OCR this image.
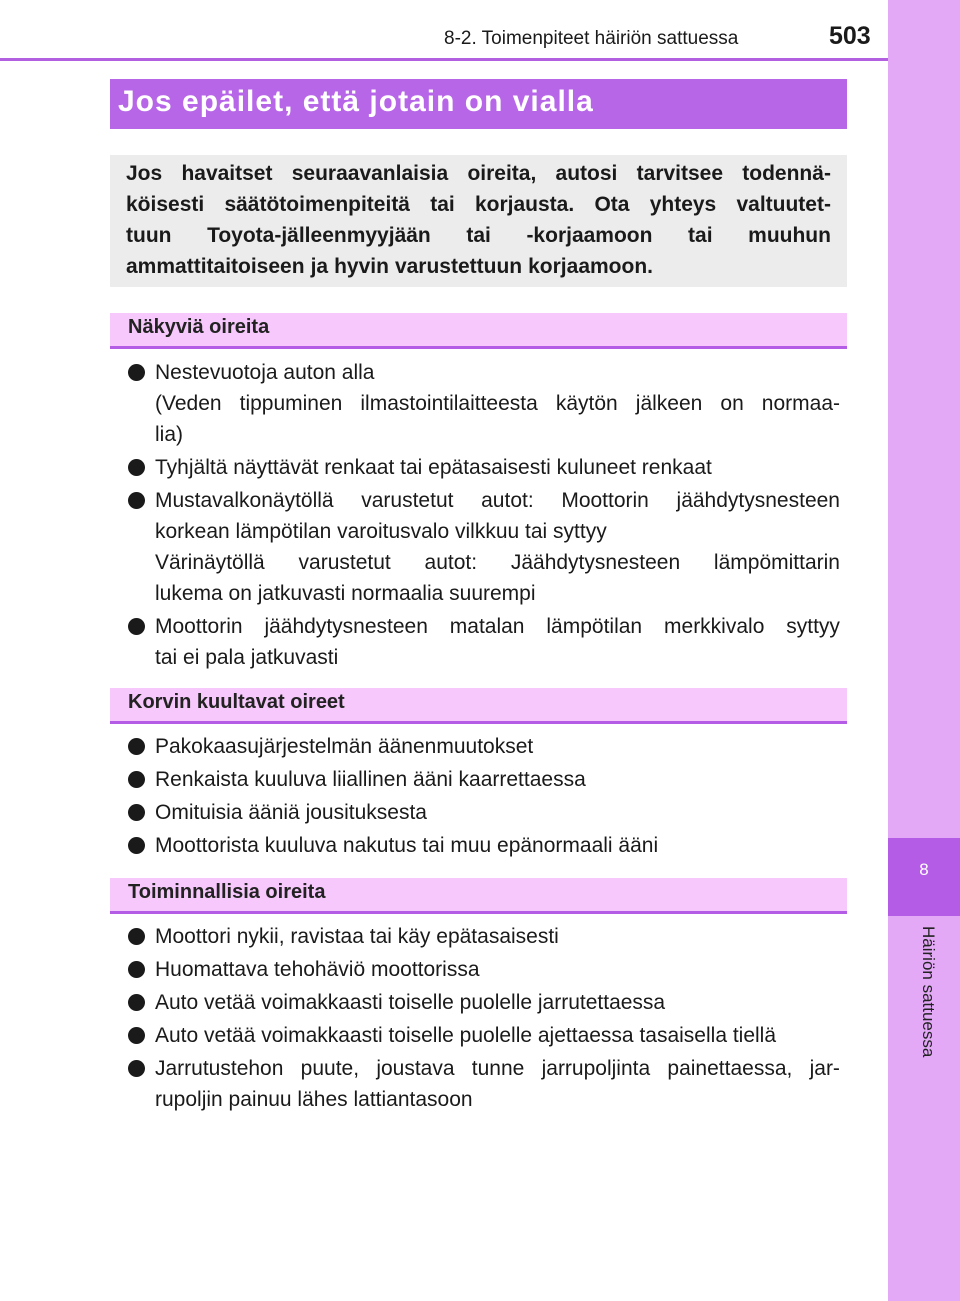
8-2. Toimenpiteet häiriön sattuessa	503
8
Häiriön sattuessa
Jos epäilet, että jotain on vialla
Jos havaitset seuraavanlaisia oireita, autosi tarvitsee todennä-
köisesti säätötoimenpiteitä tai korjausta. Ota yhteys valtuutet-
tuun Toyota-jälleenmyyjään tai -korjaamoon tai muuhun
ammattitaitoiseen ja hyvin varustettuun korjaamoon.
Näkyviä oireita
Nestevuotoja auton alla
(Veden tippuminen ilmastointilaitteesta käytön jälkeen on normaa-
lia)
Tyhjältä näyttävät renkaat tai epätasaisesti kuluneet renkaat
Mustavalkonäytöllä varustetut autot: Moottorin jäähdytysnesteen
korkean lämpötilan varoitusvalo vilkkuu tai syttyy
Värinäytöllä varustetut autot: Jäähdytysnesteen lämpömittarin
lukema on jatkuvasti normaalia suurempi
Moottorin jäähdytysnesteen matalan lämpötilan merkkivalo syttyy
tai ei pala jatkuvasti
Korvin kuultavat oireet
Pakokaasujärjestelmän äänenmuutokset
Renkaista kuuluva liiallinen ääni kaarrettaessa
Omituisia ääniä jousituksesta
Moottorista kuuluva nakutus tai muu epänormaali ääni
Toiminnallisia oireita
Moottori nykii, ravistaa tai käy epätasaisesti
Huomattava tehohäviö moottorissa
Auto vetää voimakkaasti toiselle puolelle jarrutettaessa
Auto vetää voimakkaasti toiselle puolelle ajettaessa tasaisella tiellä
Jarrutustehon puute, joustava tunne jarrupoljinta painettaessa, jar-
rupoljin painuu lähes lattiantasoon
